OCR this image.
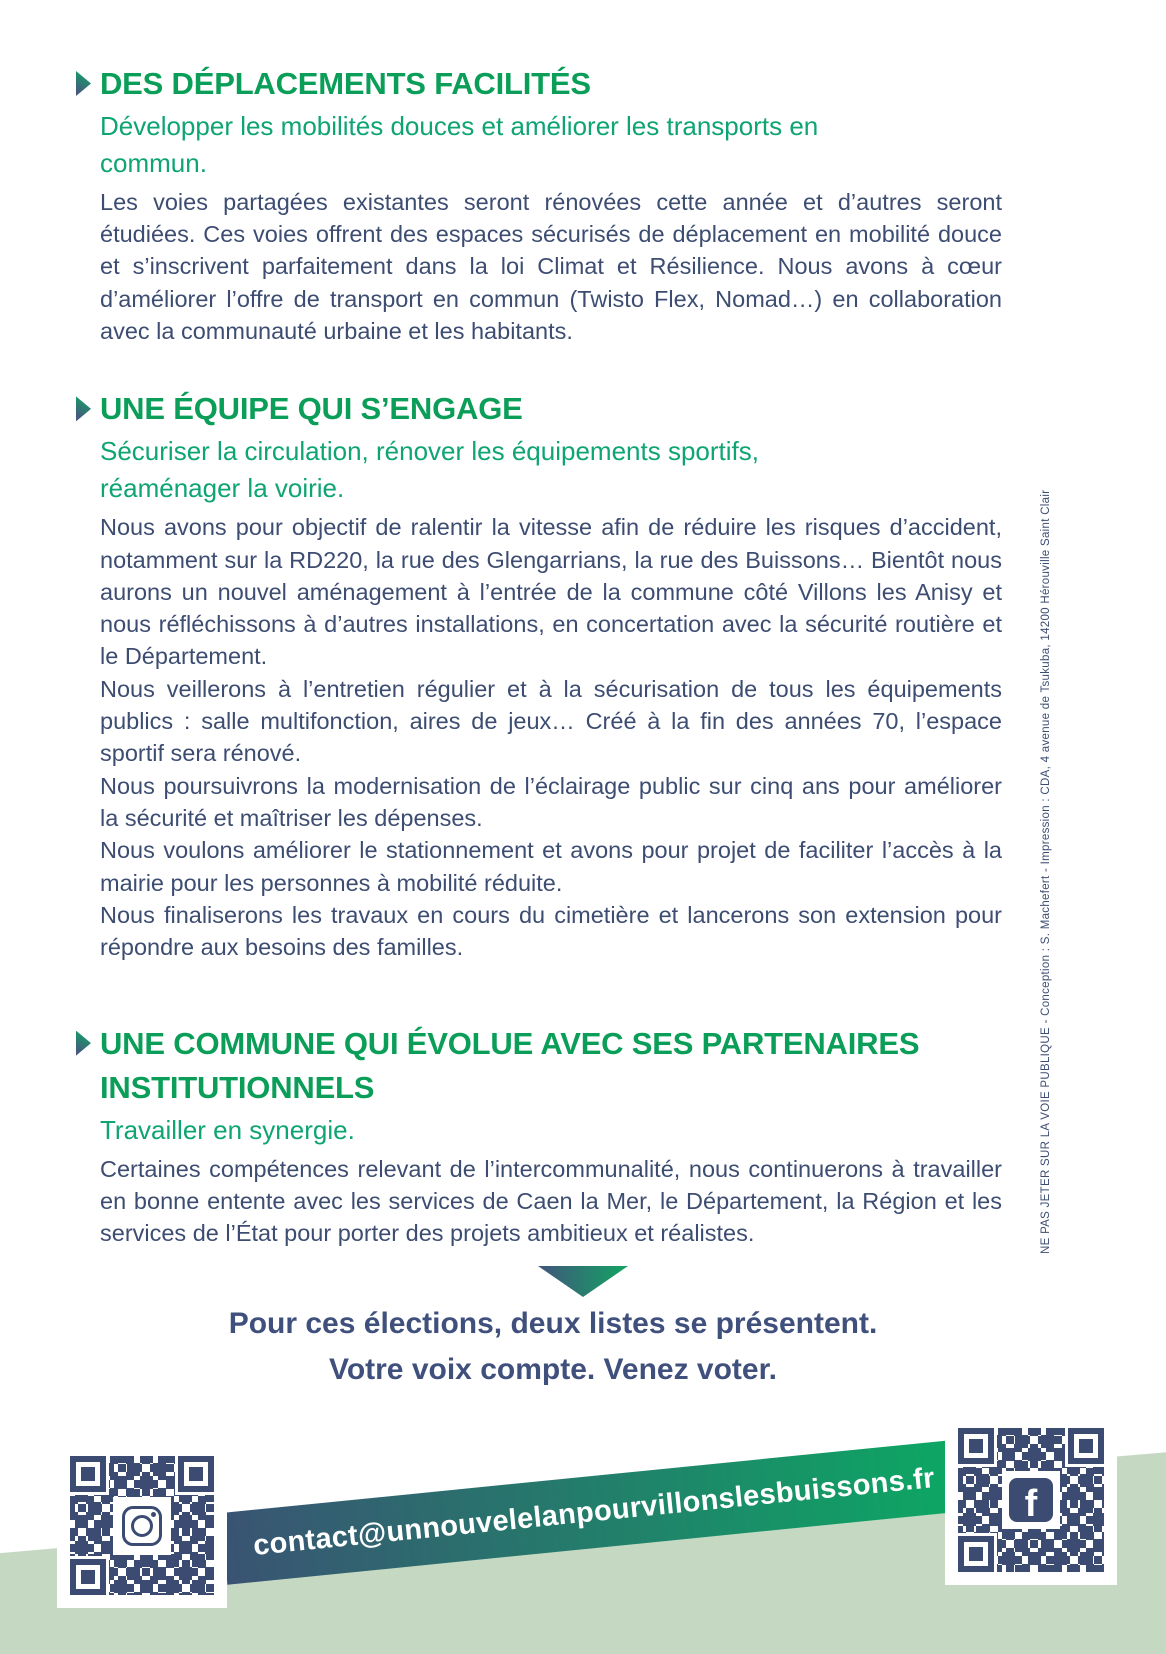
DES DÉPLACEMENTS FACILITÉS
Développer les mobilités douces et améliorer les transports en commun.
Les voies partagées existantes seront rénovées cette année et d’autres seront étudiées. Ces voies offrent des espaces sécurisés de déplacement en mobilité douce et s’inscrivent parfaitement dans la loi Climat et Résilience. Nous avons à cœur d’améliorer l’offre de transport en commun (Twisto Flex, Nomad…) en collaboration avec la communauté urbaine et les habitants.
UNE ÉQUIPE QUI S’ENGAGE
Sécuriser la circulation, rénover les équipements sportifs, réaménager la voirie.
Nous avons pour objectif de ralentir la vitesse afin de réduire les risques d’accident, notamment sur la RD220, la rue des Glengarrians, la rue des Buissons… Bientôt nous aurons un nouvel aménagement à l’entrée de la commune côté Villons les Anisy et nous réfléchissons à d’autres installations, en concertation avec la sécurité routière et le Département.
Nous veillerons à l’entretien régulier et à la sécurisation de tous les équipements publics : salle multifonction, aires de jeux… Créé à la fin des années 70, l’espace sportif sera rénové.
Nous poursuivrons la modernisation de l’éclairage public sur cinq ans pour améliorer la sécurité et maîtriser les dépenses.
Nous voulons améliorer le stationnement et avons pour projet de faciliter l’accès à la mairie pour les personnes à mobilité réduite.
Nous finaliserons les travaux en cours du cimetière et lancerons son extension pour répondre aux besoins des familles.
UNE COMMUNE QUI ÉVOLUE AVEC SES PARTENAIRES INSTITUTIONNELS
Travailler en synergie.
Certaines compétences relevant de l’intercommunalité, nous continuerons à travailler en bonne entente avec les services de Caen la Mer, le Département, la Région et les services de l’État pour porter des projets ambitieux et réalistes.
Pour ces élections, deux listes se présentent.
Votre voix compte. Venez voter.
contact@unnouvelelanpourvillonslesbuissons.fr
f
NE PAS JETER SUR LA VOIE PUBLIQUE - Conception : S. Machefert - Impression : CDA, 4 avenue de Tsukuba, 14200 Hérouville Saint Clair
